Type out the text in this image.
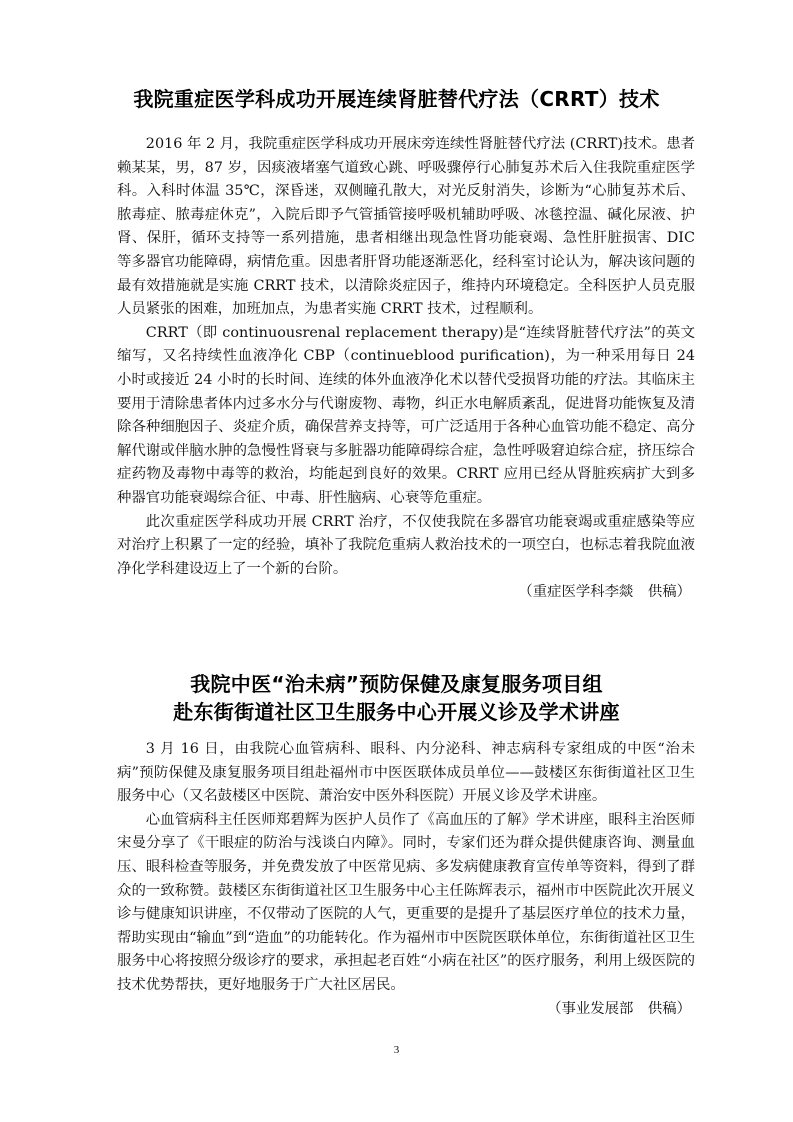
我院重症医学科成功开展连续肾脏替代疗法（CRRT）技术

2016 年 2 月，我院重症医学科成功开展床旁连续性肾脏替代疗法 (CRRT)技术。患者赖某某，男，87 岁，因痰液堵塞气道致心跳、呼吸骤停行心肺复苏术后入住我院重症医学科。入科时体温 35℃，深昏迷，双侧瞳孔散大，对光反射消失，诊断为“心肺复苏术后、脓毒症、脓毒症休克”，入院后即予气管插管接呼吸机辅助呼吸、冰毯控温、碱化尿液、护肾、保肝，循环支持等一系列措施，患者相继出现急性肾功能衰竭、急性肝脏损害、DIC 等多器官功能障碍，病情危重。因患者肝肾功能逐渐恶化，经科室讨论认为，解决该问题的最有效措施就是实施 CRRT 技术，以清除炎症因子，维持内环境稳定。全科医护人员克服人员紧张的困难，加班加点，为患者实施 CRRT 技术，过程顺利。

CRRT（即 continuousrenal replacement therapy)是“连续肾脏替代疗法”的英文缩写，又名持续性血液净化 CBP（continueblood purification)，为一种采用每日 24 小时或接近 24 小时的长时间、连续的体外血液净化术以替代受损肾功能的疗法。其临床主要用于清除患者体内过多水分与代谢废物、毒物，纠正水电解质紊乱，促进肾功能恢复及清除各种细胞因子、炎症介质，确保营养支持等，可广泛适用于各种心血管功能不稳定、高分解代谢或伴脑水肿的急慢性肾衰与多脏器功能障碍综合症，急性呼吸窘迫综合症，挤压综合症药物及毒物中毒等的救治，均能起到良好的效果。CRRT 应用已经从肾脏疾病扩大到多种器官功能衰竭综合征、中毒、肝性脑病、心衰等危重症。

此次重症医学科成功开展 CRRT 治疗，不仅使我院在多器官功能衰竭或重症感染等应对治疗上积累了一定的经验，填补了我院危重病人救治技术的一项空白，也标志着我院血液净化学科建设迈上了一个新的台阶。

（重症医学科李燚　供稿）
我院中医“治未病”预防保健及康复服务项目组
赴东街街道社区卫生服务中心开展义诊及学术讲座

3 月 16 日，由我院心血管病科、眼科、内分泌科、神志病科专家组成的中医“治未病”预防保健及康复服务项目组赴福州市中医医联体成员单位——鼓楼区东街街道社区卫生服务中心（又名鼓楼区中医院、萧治安中医外科医院）开展义诊及学术讲座。

心血管病科主任医师郑碧辉为医护人员作了《高血压的了解》学术讲座，眼科主治医师宋曼分享了《干眼症的防治与浅谈白内障》。同时，专家们还为群众提供健康咨询、测量血压、眼科检查等服务，并免费发放了中医常见病、多发病健康教育宣传单等资料，得到了群众的一致称赞。鼓楼区东街街道社区卫生服务中心主任陈辉表示，福州市中医院此次开展义诊与健康知识讲座，不仅带动了医院的人气，更重要的是提升了基层医疗单位的技术力量，帮助实现由“输血”到“造血”的功能转化。作为福州市中医院医联体单位，东街街道社区卫生服务中心将按照分级诊疗的要求，承担起老百姓“小病在社区”的医疗服务，利用上级医院的技术优势帮扶，更好地服务于广大社区居民。

（事业发展部　供稿）
3
